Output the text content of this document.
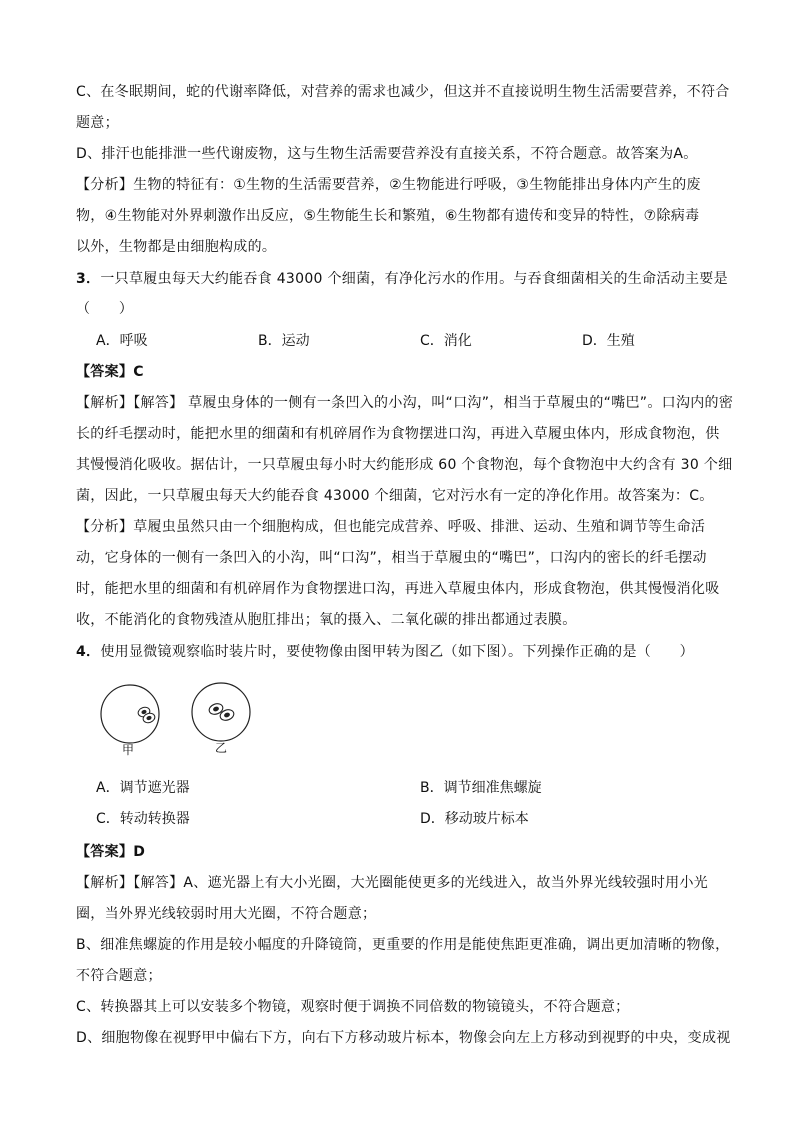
C、在冬眠期间，蛇的代谢率降低，对营养的需求也减少，但这并不直接说明生物生活需要营养，不符合
题意；
D、排汗也能排泄一些代谢废物，这与生物生活需要营养没有直接关系，不符合题意。故答案为A。
【分析】生物的特征有：①生物的生活需要营养，②生物能进行呼吸，③生物能排出身体内产生的废
物，④生物能对外界刺激作出反应，⑤生物能生长和繁殖，⑥生物都有遗传和变异的特性，⑦除病毒
以外，生物都是由细胞构成的。
3．一只草履虫每天大约能吞食 43000 个细菌，有净化污水的作用。与吞食细菌相关的生命活动主要是
（　　）
A．呼吸	B．运动	C．消化	D．生殖
【答案】C
【解析】【解答】 草履虫身体的一侧有一条凹入的小沟，叫“口沟”，相当于草履虫的“嘴巴”。口沟内的密
长的纤毛摆动时，能把水里的细菌和有机碎屑作为食物摆进口沟，再进入草履虫体内，形成食物泡，供
其慢慢消化吸收。据估计，一只草履虫每小时大约能形成 60 个食物泡，每个食物泡中大约含有 30 个细
菌，因此，一只草履虫每天大约能吞食 43000 个细菌，它对污水有一定的净化作用。故答案为：C。
【分析】草履虫虽然只由一个细胞构成，但也能完成营养、呼吸、排泄、运动、生殖和调节等生命活
动，它身体的一侧有一条凹入的小沟，叫“口沟”，相当于草履虫的“嘴巴”，口沟内的密长的纤毛摆动
时，能把水里的细菌和有机碎屑作为食物摆进口沟，再进入草履虫体内，形成食物泡，供其慢慢消化吸
收，不能消化的食物残渣从胞肛排出；氧的摄入、二氧化碳的排出都通过表膜。
4．使用显微镜观察临时装片时，要使物像由图甲转为图乙（如下图）。下列操作正确的是（　　）
甲	乙
A．调节遮光器	B．调节细准焦螺旋
C．转动转换器	D．移动玻片标本
【答案】D
【解析】【解答】A、遮光器上有大小光圈，大光圈能使更多的光线进入，故当外界光线较强时用小光
圈，当外界光线较弱时用大光圈，不符合题意；
B、细准焦螺旋的作用是较小幅度的升降镜筒，更重要的作用是能使焦距更准确，调出更加清晰的物像，
不符合题意；
C、转换器其上可以安装多个物镜，观察时便于调换不同倍数的物镜镜头，不符合题意；
D、细胞物像在视野甲中偏右下方，向右下方移动玻片标本，物像会向左上方移动到视野的中央，变成视
